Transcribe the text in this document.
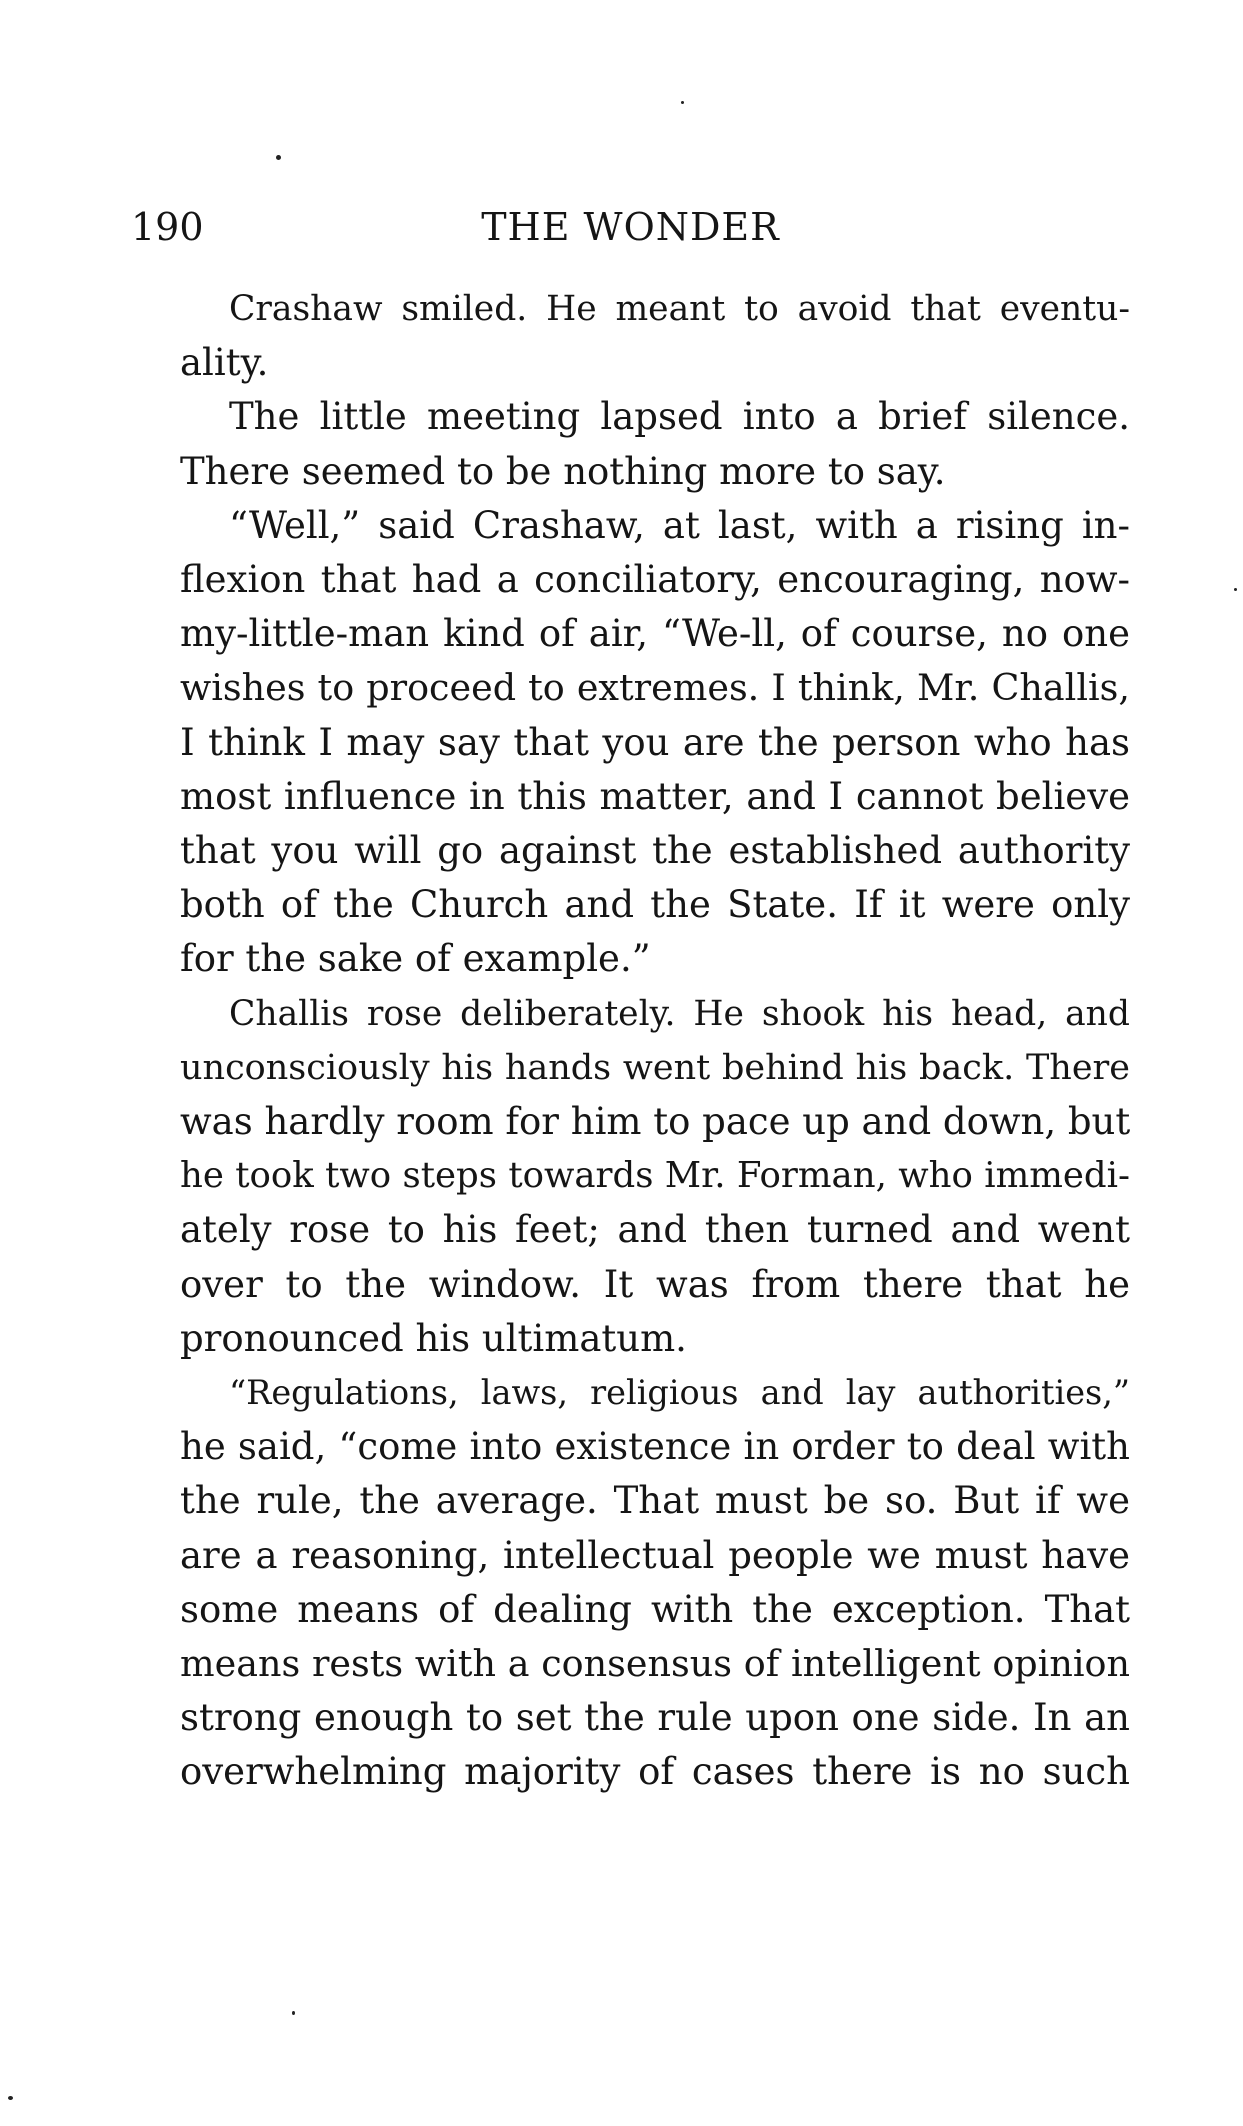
190	THE WONDER

Crashaw smiled. He meant to avoid that eventu-
ality.

The little meeting lapsed into a brief silence.
There seemed to be nothing more to say.

“Well,” said Crashaw, at last, with a rising in-
flexion that had a conciliatory, encouraging, now-
my-little-man kind of air, “We-ll, of course, no one
wishes to proceed to extremes. I think, Mr. Challis,
I think I may say that you are the person who has
most influence in this matter, and I cannot believe
that you will go against the established authority
both of the Church and the State. If it were only
for the sake of example.”

Challis rose deliberately. He shook his head, and
unconsciously his hands went behind his back. There
was hardly room for him to pace up and down, but
he took two steps towards Mr. Forman, who immedi-
ately rose to his feet; and then turned and went
over to the window. It was from there that he
pronounced his ultimatum.

“Regulations, laws, religious and lay authorities,”
he said, “come into existence in order to deal with
the rule, the average. That must be so. But if we
are a reasoning, intellectual people we must have
some means of dealing with the exception. That
means rests with a consensus of intelligent opinion
strong enough to set the rule upon one side. In an
overwhelming majority of cases there is no such
